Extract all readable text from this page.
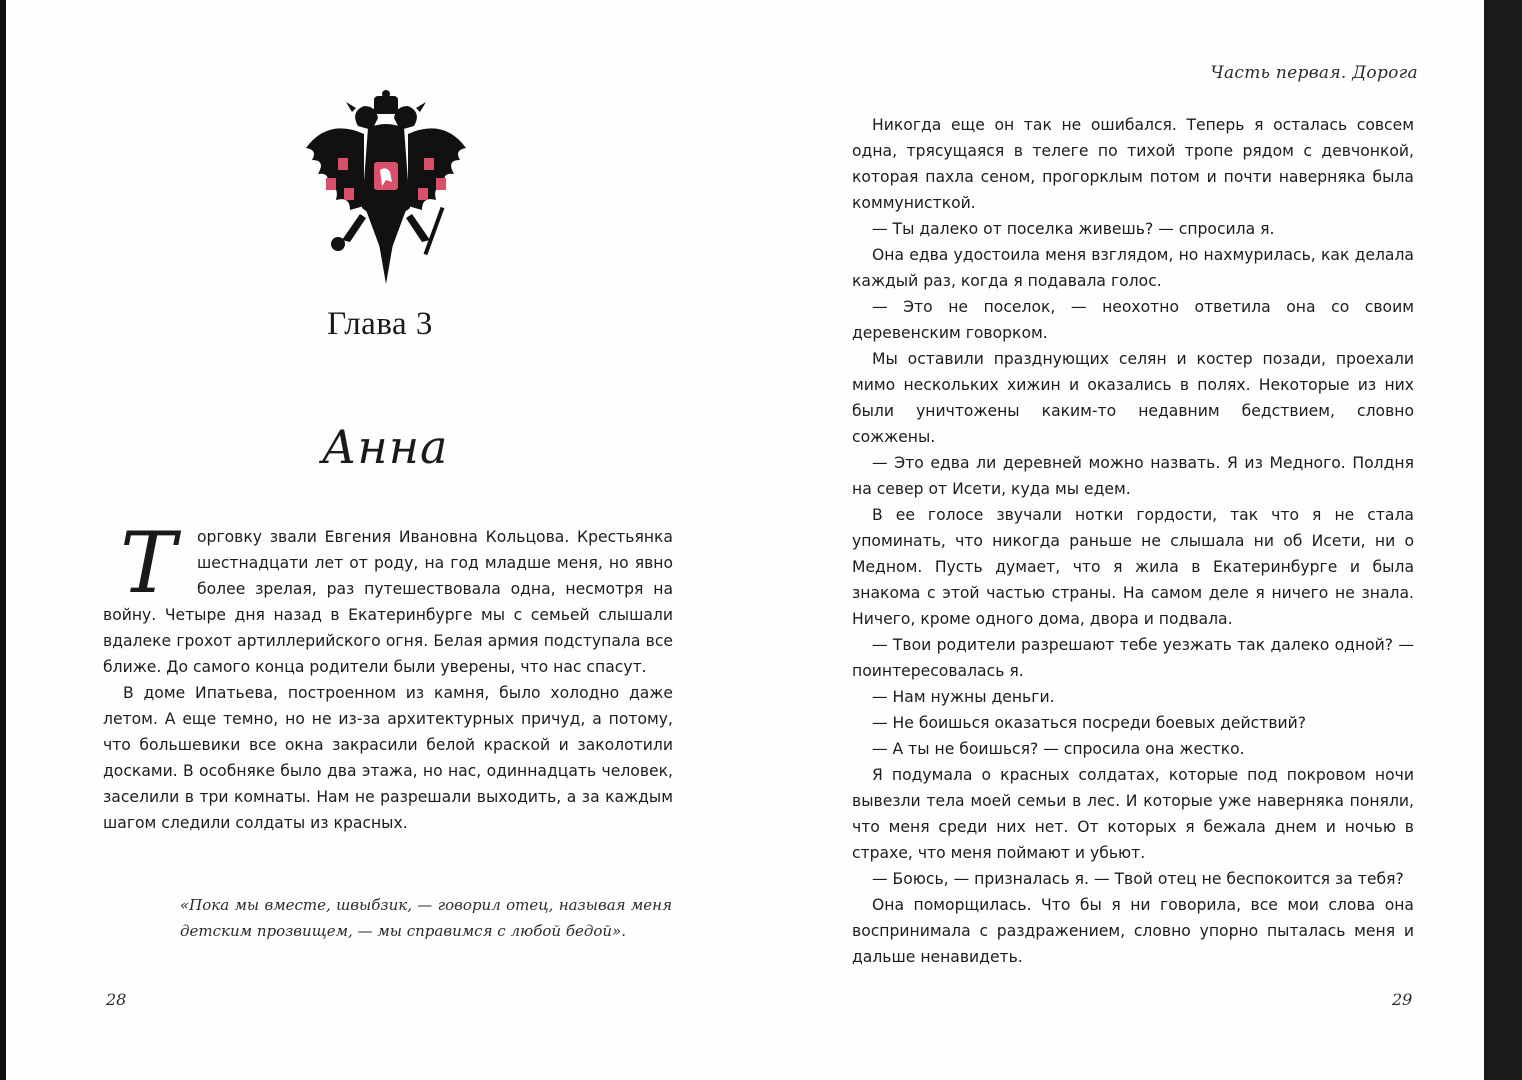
Глава 3
Анна

Т	орговку звали Евгения Ивановна Кольцова. Крестьянка шестнадцати лет от роду, на год младше меня, но явно более зрелая, раз путешествовала одна, несмотря на войну. Четыре дня назад в Екатеринбурге мы с семьей слышали вдалеке грохот артиллерийского огня. Белая армия подступала все ближе. До самого конца родители были уверены, что нас спасут.

В доме Ипатьева, построенном из камня, было холодно даже летом. А еще темно, но не из-за архитектурных причуд, а потому, что большевики все окна закрасили белой краской и заколотили досками. В особняке было два этажа, но нас, одиннадцать человек, заселили в три комнаты. Нам не разрешали выходить, а за каждым шагом следили солдаты из красных.

«Пока мы вместе, швыбзик, — говорил отец, называя меня детским прозвищем, — мы справимся с любой бедой».
28
Часть первая. Дорога

Никогда еще он так не ошибался. Теперь я осталась совсем одна, трясущаяся в телеге по тихой тропе рядом с девчонкой, которая пахла сеном, прогорклым потом и почти наверняка была коммунисткой.

— Ты далеко от поселка живешь? — спросила я.

Она едва удостоила меня взглядом, но нахмурилась, как делала каждый раз, когда я подавала голос.

— Это не поселок, — неохотно ответила она со своим деревенским говорком.

Мы оставили празднующих селян и костер позади, проехали мимо нескольких хижин и оказались в полях. Некоторые из них были уничтожены каким-то недавним бедствием, словно сожжены.

— Это едва ли деревней можно назвать. Я из Медного. Полдня на север от Исети, куда мы едем.

В ее голосе звучали нотки гордости, так что я не стала упоминать, что никогда раньше не слышала ни об Исети, ни о Медном. Пусть думает, что я жила в Екатеринбурге и была знакома с этой частью страны. На самом деле я ничего не знала. Ничего, кроме одного дома, двора и подвала.

— Твои родители разрешают тебе уезжать так далеко одной? — поинтересовалась я.

— Нам нужны деньги.

— Не боишься оказаться посреди боевых действий?

— А ты не боишься? — спросила она жестко.

Я подумала о красных солдатах, которые под покровом ночи вывезли тела моей семьи в лес. И которые уже наверняка поняли, что меня среди них нет. От которых я бежала днем и ночью в страхе, что меня поймают и убьют.

— Боюсь, — призналась я. — Твой отец не беспокоится за тебя?

Она поморщилась. Что бы я ни говорила, все мои слова она воспринимала с раздражением, словно упорно пыталась меня и дальше ненавидеть.

29
